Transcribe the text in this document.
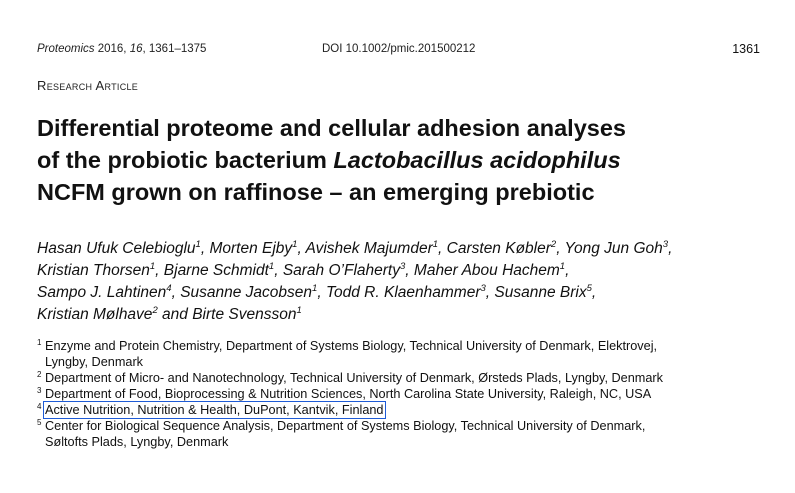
Proteomics 2016, 16, 1361–1375	DOI 10.1002/pmic.201500212	1361
Research Article
Differential proteome and cellular adhesion analyses
of the probiotic bacterium Lactobacillus acidophilus
NCFM grown on raffinose – an emerging prebiotic
Hasan Ufuk Celebioglu$^1$, Morten Ejby$^1$, Avishek Majumder$^1$, Carsten Købler$^2$, Yong Jun Goh$^3$,
Kristian Thorsen$^1$, Bjarne Schmidt$^1$, Sarah O’Flaherty$^3$, Maher Abou Hachem$^1$,
Sampo J. Lahtinen$^4$, Susanne Jacobsen$^1$, Todd R. Klaenhammer$^3$, Susanne Brix$^5$,
Kristian Mølhave$^2$ and Birte Svensson$^1$
1 Enzyme and Protein Chemistry, Department of Systems Biology, Technical University of Denmark, Elektrovej,
Lyngby, Denmark
2 Department of Micro- and Nanotechnology, Technical University of Denmark, Ørsteds Plads, Lyngby, Denmark
3 Department of Food, Bioprocessing & Nutrition Sciences, North Carolina State University, Raleigh, NC, USA
4 Active Nutrition, Nutrition & Health, DuPont, Kantvik, Finland
5 Center for Biological Sequence Analysis, Department of Systems Biology, Technical University of Denmark,
Søltofts Plads, Lyngby, Denmark
